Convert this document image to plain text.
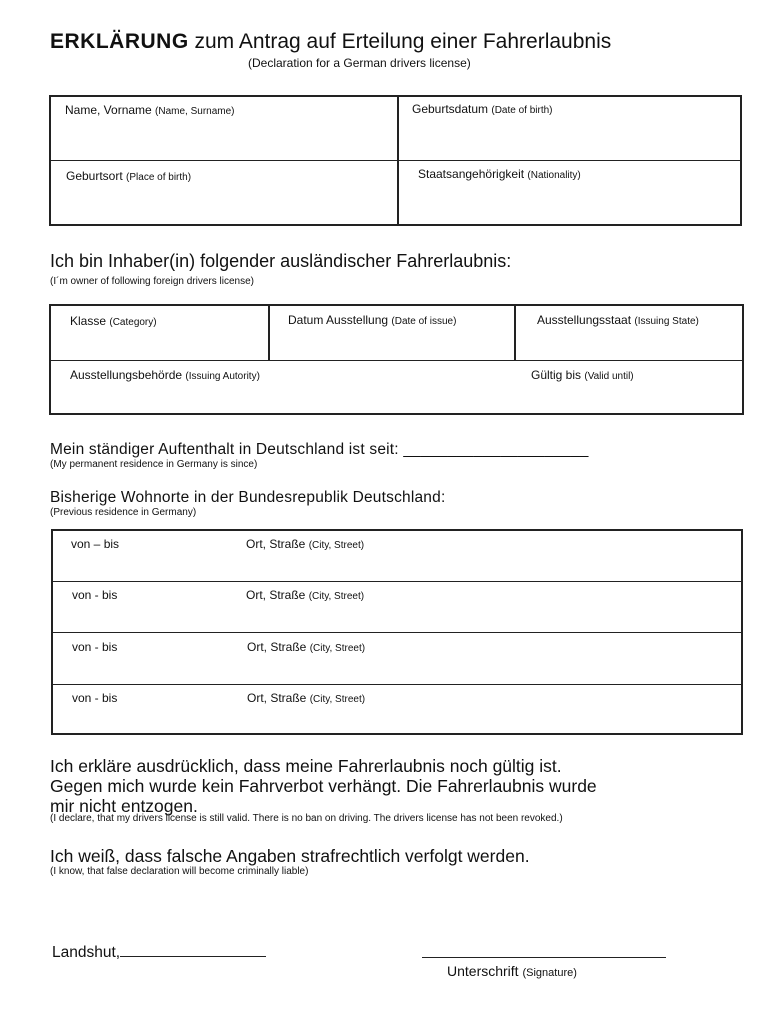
ERKLÄRUNG zum Antrag auf Erteilung einer Fahrerlaubnis
(Declaration for a German drivers license)
Name, Vorname (Name, Surname)	Geburtsdatum (Date of birth)
Geburtsort (Place of birth)	Staatsangehörigkeit (Nationality)
Ich bin Inhaber(in) folgender ausländischer Fahrerlaubnis:
(I´m owner of following foreign drivers license)
Klasse (Category)	Datum Ausstellung (Date of issue)	Ausstellungsstaat (Issuing State)
Ausstellungsbehörde (Issuing Autority)	Gültig bis (Valid until)
Mein ständiger Auftenthalt in Deutschland ist seit: _____________________
(My permanent residence in Germany is since)
Bisherige Wohnorte in der Bundesrepublik Deutschland:
(Previous residence in Germany)
von – bis	Ort, Straße (City, Street)
von - bis	Ort, Straße (City, Street)
von - bis	Ort, Straße (City, Street)
von - bis	Ort, Straße (City, Street)
Ich erkläre ausdrücklich, dass meine Fahrerlaubnis noch gültig ist.
Gegen mich wurde kein Fahrverbot verhängt. Die Fahrerlaubnis wurde
mir nicht entzogen.
(I declare, that my drivers license is still valid. There is no ban on driving. The drivers license has not been revoked.)
Ich weiß, dass falsche Angaben strafrechtlich verfolgt werden.
(I know, that false declaration will become criminally liable)
Landshut,
Unterschrift (Signature)
